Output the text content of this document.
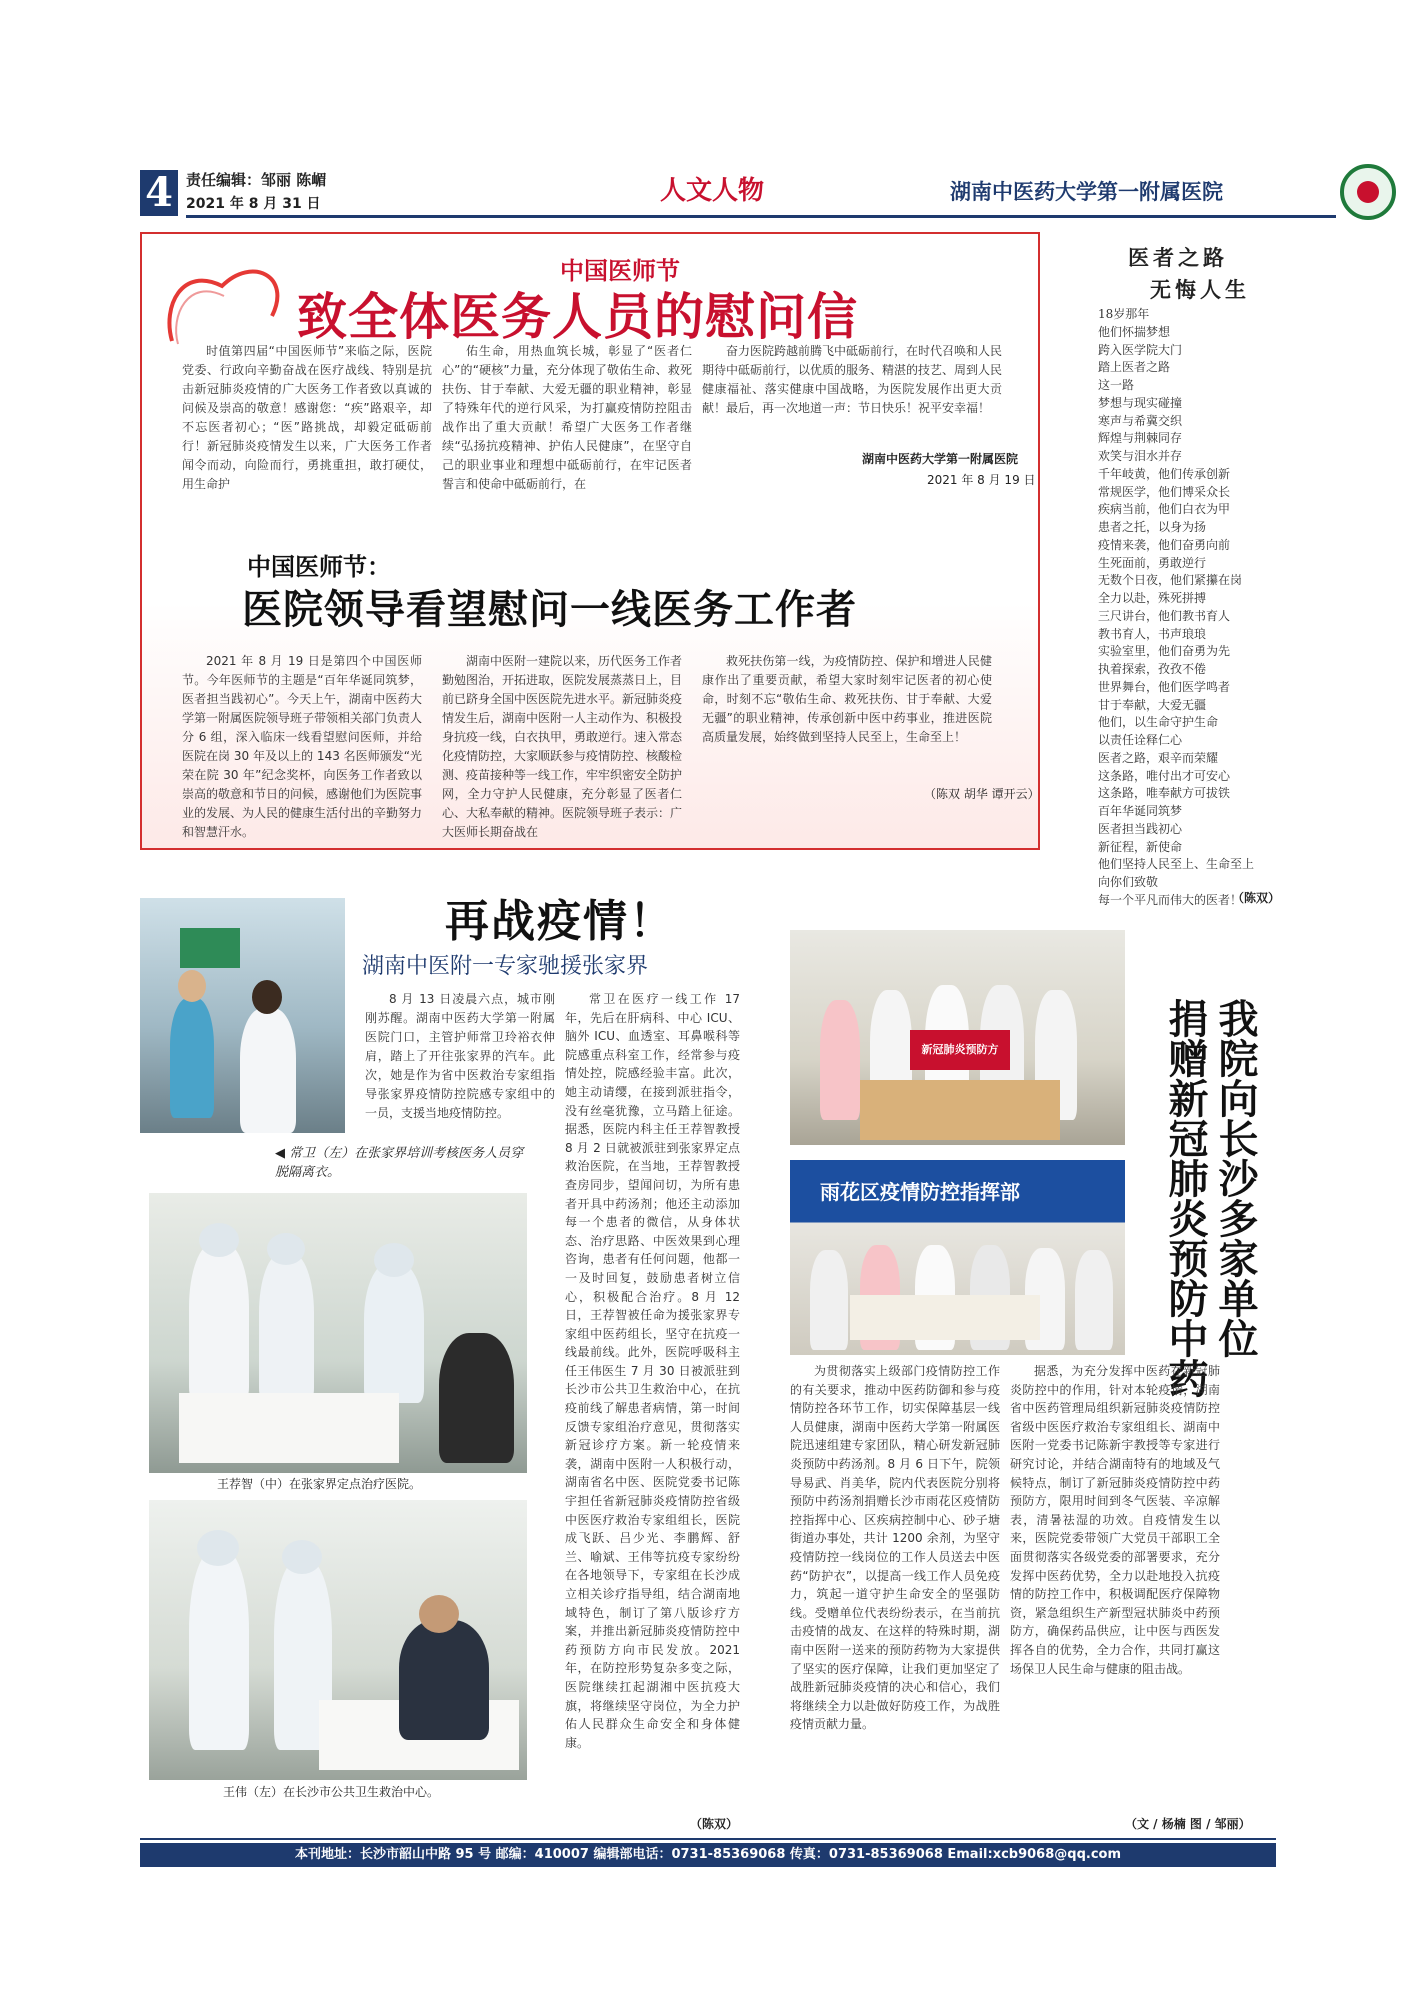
4 责任编辑：邹丽 陈嵋
2021 年 8 月 31 日	人文人物	湖南中医药大学第一附属医院
中国医师节
致全体医务人员的慰问信
时值第四届“中国医师节”来临之际，医院党委、行政向辛勤奋战在医疗战线、特别是抗击新冠肺炎疫情的广大医务工作者致以真诚的问候及崇高的敬意！感谢您：“疾”路艰辛，却不忘医者初心；“医”路挑战，却毅定砥砺前行！新冠肺炎疫情发生以来，广大医务工作者闻令而动，向险而行，勇挑重担，敢打硬仗，用生命护
佑生命，用热血筑长城，彰显了“医者仁心”的“硬核”力量，充分体现了敬佑生命、救死扶伤、甘于奉献、大爱无疆的职业精神，彰显了特殊年代的逆行风采，为打赢疫情防控阻击战作出了重大贡献！希望广大医务工作者继续“弘扬抗疫精神、护佑人民健康”，在坚守自己的职业事业和理想中砥砺前行，在牢记医者誓言和使命中砥砺前行，在
奋力医院跨越前腾飞中砥砺前行，在时代召唤和人民期待中砥砺前行，以优质的服务、精湛的技艺、周到人民健康福祉、落实健康中国战略，为医院发展作出更大贡献！最后，再一次地道一声：节日快乐！祝平安幸福！
湖南中医药大学第一附属医院
2021 年 8 月 19 日
中国医师节：
医院领导看望慰问一线医务工作者
2021 年 8 月 19 日是第四个中国医师节。今年医师节的主题是“百年华诞同筑梦，医者担当践初心”。今天上午，湖南中医药大学第一附属医院领导班子带领相关部门负责人分 6 组，深入临床一线看望慰问医师，并给医院在岗 30 年及以上的 143 名医师颁发“光荣在院 30 年”纪念奖杯，向医务工作者致以崇高的敬意和节日的问候，感谢他们为医院事业的发展、为人民的健康生活付出的辛勤努力和智慧汗水。
湖南中医附一建院以来，历代医务工作者勤勉图治，开拓进取，医院发展蒸蒸日上，目前已跻身全国中医医院先进水平。新冠肺炎疫情发生后，湖南中医附一人主动作为、积极投身抗疫一线，白衣执甲，勇敢逆行。速入常态化疫情防控，大家顺跃参与疫情防控、核酸检测、疫苗接种等一线工作，牢牢织密安全防护网，全力守护人民健康，充分彰显了医者仁心、大私奉献的精神。医院领导班子表示：广大医师长期奋战在
救死扶伤第一线，为疫情防控、保护和增进人民健康作出了重要贡献，希望大家时刻牢记医者的初心使命，时刻不忘“敬佑生命、救死扶伤、甘于奉献、大爱无疆”的职业精神，传承创新中医中药事业，推进医院高质量发展，始终做到坚持人民至上，生命至上！
（陈双 胡华 谭开云）
医者之路
无悔人生
18岁那年
他们怀揣梦想
跨入医学院大门
踏上医者之路
这一路
梦想与现实碰撞
寒声与希冀交织
辉煌与荆棘同存
欢笑与泪水并存
千年岐黄，他们传承创新
常规医学，他们博采众长
疾病当前，他们白衣为甲
患者之托，以身为扬
疫情来袭，他们奋勇向前
生死面前，勇敢逆行
无数个日夜，他们紧攥在岗
全力以赴，殊死拼搏
三尺讲台，他们教书育人
教书育人，书声琅琅
实验室里，他们奋勇为先
执着探索，孜孜不倦
世界舞台，他们医学鸣者
甘于奉献，大爱无疆
他们，以生命守护生命
以责任诠释仁心
医者之路，艰辛而荣耀
这条路，唯付出才可安心
这条路，唯奉献方可拔铁
百年华诞同筑梦
医者担当践初心
新征程，新使命
他们坚持人民至上、生命至上
向你们致敬
每一个平凡而伟大的医者！
（陈双）
再战疫情！
湖南中医附一专家驰援张家界
8 月 13 日凌晨六点，城市刚刚苏醒。湖南中医药大学第一附属医院门口，主管护师常卫玲裕衣伸肩，踏上了开往张家界的汽车。此次，她是作为省中医救治专家组指导张家界疫情防控院感专家组中的一员，支援当地疫情防控。
◀ 常卫（左）在张家界培训考核医务人员穿脱隔离衣。
常卫在医疗一线工作 17 年，先后在肝病科、中心 ICU、脑外 ICU、血透室、耳鼻喉科等院感重点科室工作，经常参与疫情处控，院感经验丰富。此次，她主动请缨，在接到派驻指令，没有丝毫犹豫，立马踏上征途。据悉，医院内科主任王荐智教授 8 月 2 日就被派驻到张家界定点救治医院，在当地，王荐智教授查房同步，望闻问切，为所有患者开具中药汤剂；他还主动添加每一个患者的微信，从身体状态、治疗思路、中医效果到心理咨询，患者有任何问题，他都一一及时回复，鼓励患者树立信心，积极配合治疗。8 月 12 日，王荐智被任命为援张家界专家组中医药组长，坚守在抗疫一线最前线。此外，医院呼吸科主任王伟医生 7 月 30 日被派驻到长沙市公共卫生救治中心，在抗疫前线了解患者病情，第一时间反馈专家组治疗意见，贯彻落实新冠诊疗方案。新一轮疫情来袭，湖南中医附一人积极行动，湖南省名中医、医院党委书记陈宇担任省新冠肺炎疫情防控省级中医医疗救治专家组组长，医院成飞跃、吕少光、李鹏辉、舒兰、喻斌、王伟等抗疫专家纷纷在各地领导下，专家组在长沙成立相关诊疗指导组，结合湖南地域特色，制订了第八版诊疗方案，并推出新冠肺炎疫情防控中药预防方向市民发放。2021 年，在防控形势复杂多变之际，医院继续扛起湖湘中医抗疫大旗，将继续坚守岗位，为全力护佑人民群众生命安全和身体健康。
王荐智（中）在张家界定点治疗医院。
王伟（左）在长沙市公共卫生救治中心。
（陈双）
新冠肺炎预防方
雨花区疫情防控指挥部	我院向长沙多家单位
捐赠新冠肺炎预防中药
为贯彻落实上级部门疫情防控工作的有关要求，推动中医药防御和参与疫情防控各环节工作，切实保障基层一线人员健康，湖南中医药大学第一附属医院迅速组建专家团队，精心研发新冠肺炎预防中药汤剂。8 月 6 日下午，院领导易武、肖美华，院内代表医院分别将预防中药汤剂捐赠长沙市雨花区疫情防控指挥中心、区疾病控制中心、砂子塘街道办事处，共计 1200 余剂，为坚守疫情防控一线岗位的工作人员送去中医药“防护衣”，以提高一线工作人员免疫力，筑起一道守护生命安全的坚强防线。受赠单位代表纷纷表示，在当前抗击疫情的战友、在这样的特殊时期，湖南中医附一送来的预防药物为大家提供了坚实的医疗保障，让我们更加坚定了战胜新冠肺炎疫情的决心和信心，我们将继续全力以赴做好防疫工作，为战胜疫情贡献力量。
据悉，为充分发挥中医药在新冠肺炎防控中的作用，针对本轮疫情，湖南省中医药管理局组织新冠肺炎疫情防控省级中医医疗救治专家组组长、湖南中医附一党委书记陈新宇教授等专家进行研究讨论，并结合湖南特有的地域及气候特点，制订了新冠肺炎疫情防控中药预防方，限用时间到冬气医装、辛凉解表，清暑祛湿的功效。自疫情发生以来，医院党委带领广大党员干部职工全面贯彻落实各级党委的部署要求，充分发挥中医药优势，全力以赴地投入抗疫情的防控工作中，积极调配医疗保障物资，紧急组织生产新型冠状肺炎中药预防方，确保药品供应，让中医与西医发挥各自的优势，全力合作，共同打赢这场保卫人民生命与健康的阻击战。
（文 / 杨楠 图 / 邹丽）
本刊地址：长沙市韶山中路 95 号 邮编：410007 编辑部电话：0731-85369068 传真：0731-85369068 Email:xcb9068@qq.com
